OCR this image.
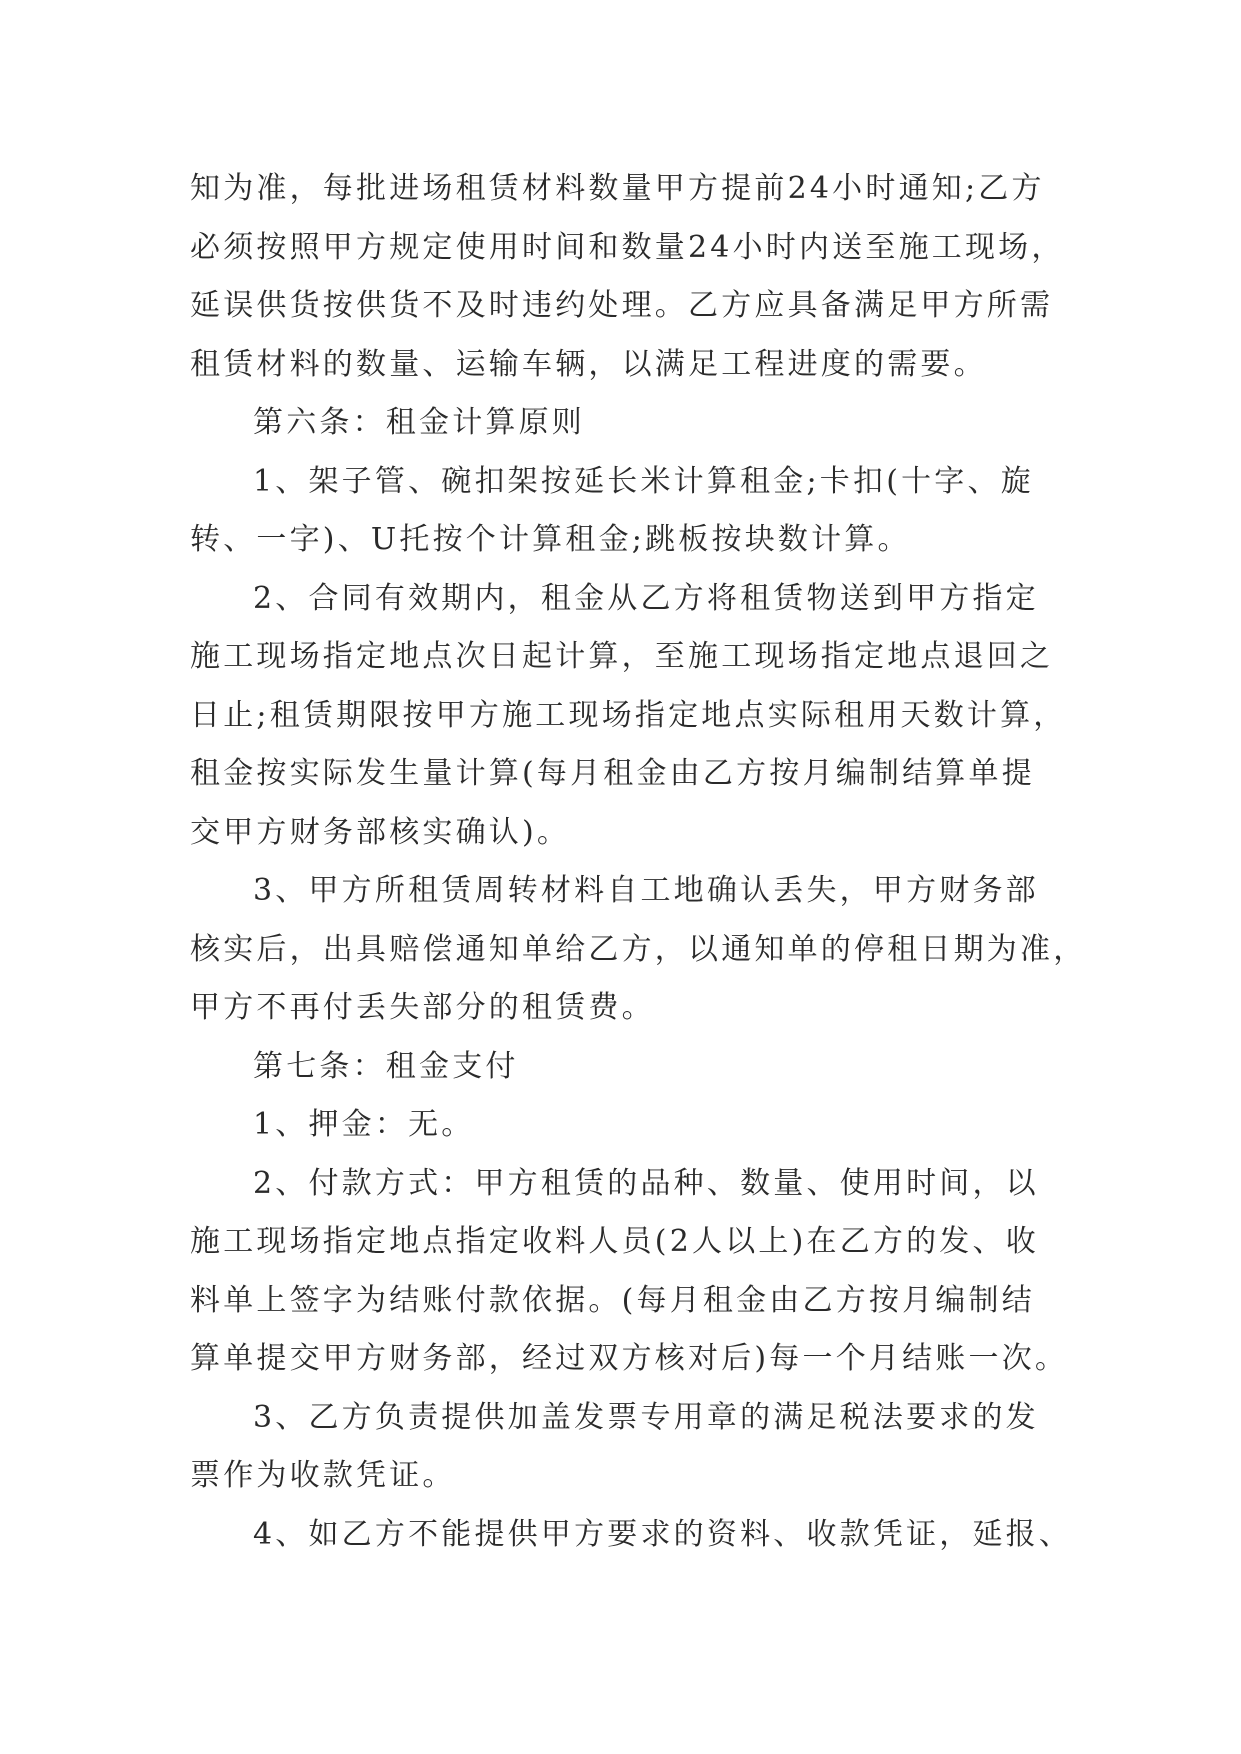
知为准，每批进场租赁材料数量甲方提前24小时通知;乙方
必须按照甲方规定使用时间和数量24小时内送至施工现场，
延误供货按供货不及时违约处理。乙方应具备满足甲方所需
租赁材料的数量、运输车辆，以满足工程进度的需要。
第六条：租金计算原则
1、架子管、碗扣架按延长米计算租金;卡扣(十字、旋
转、一字)、U托按个计算租金;跳板按块数计算。
2、合同有效期内，租金从乙方将租赁物送到甲方指定
施工现场指定地点次日起计算，至施工现场指定地点退回之
日止;租赁期限按甲方施工现场指定地点实际租用天数计算，
租金按实际发生量计算(每月租金由乙方按月编制结算单提
交甲方财务部核实确认)。
3、甲方所租赁周转材料自工地确认丢失，甲方财务部
核实后，出具赔偿通知单给乙方，以通知单的停租日期为准，
甲方不再付丢失部分的租赁费。
第七条：租金支付
1、押金：无。
2、付款方式：甲方租赁的品种、数量、使用时间，以
施工现场指定地点指定收料人员(2人以上)在乙方的发、收
料单上签字为结账付款依据。(每月租金由乙方按月编制结
算单提交甲方财务部，经过双方核对后)每一个月结账一次。
3、乙方负责提供加盖发票专用章的满足税法要求的发
票作为收款凭证。
4、如乙方不能提供甲方要求的资料、收款凭证，延报、
